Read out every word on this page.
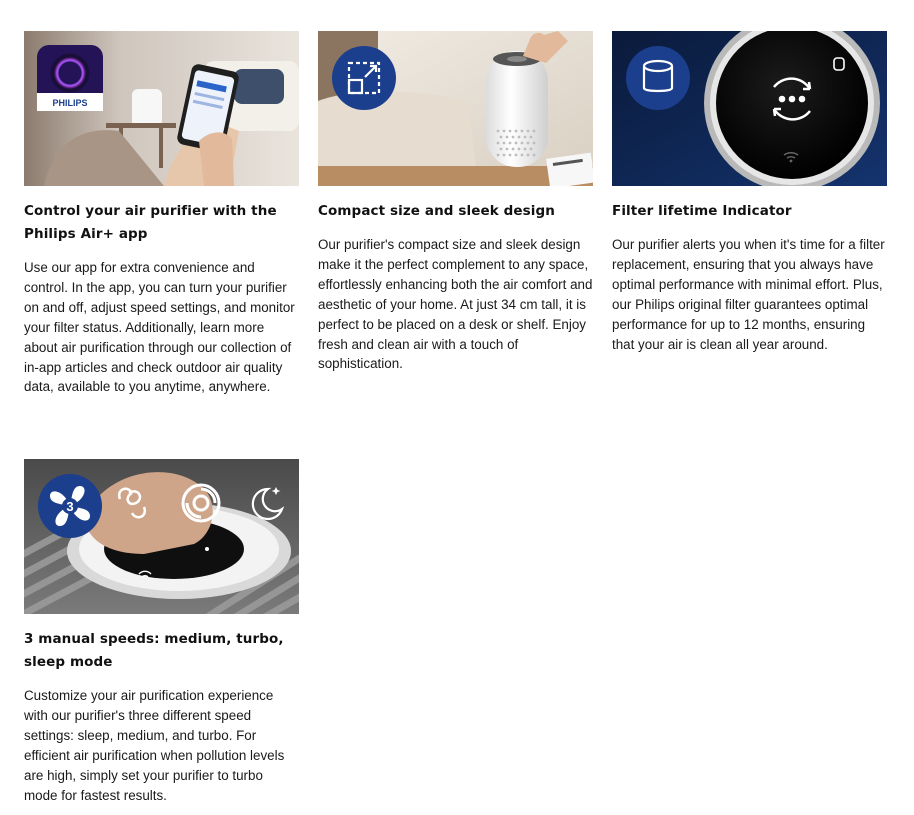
PHILIPS

Control your air purifier with the Philips Air+ app

Use our app for extra convenience and control. In the app, you can turn your purifier on and off, adjust speed settings, and monitor your filter status. Additionally, learn more about air purification through our collection of in-app articles and check outdoor air quality data, available to you anytime, anywhere.

Compact size and sleek design

Our purifier's compact size and sleek design make it the perfect complement to any space, effortlessly enhancing both the air comfort and aesthetic of your home. At just 34 cm tall, it is perfect to be placed on a desk or shelf. Enjoy fresh and clean air with a touch of sophistication.

Filter lifetime Indicator

Our purifier alerts you when it's time for a filter replacement, ensuring that you always have optimal performance with minimal effort. Plus, our Philips original filter guarantees optimal performance for up to 12 months, ensuring that your air is clean all year around.

3

3 manual speeds: medium, turbo, sleep mode

Customize your air purification experience with our purifier's three different speed settings: sleep, medium, and turbo. For efficient air purification when pollution levels are high, simply set your purifier to turbo mode for fastest results.
